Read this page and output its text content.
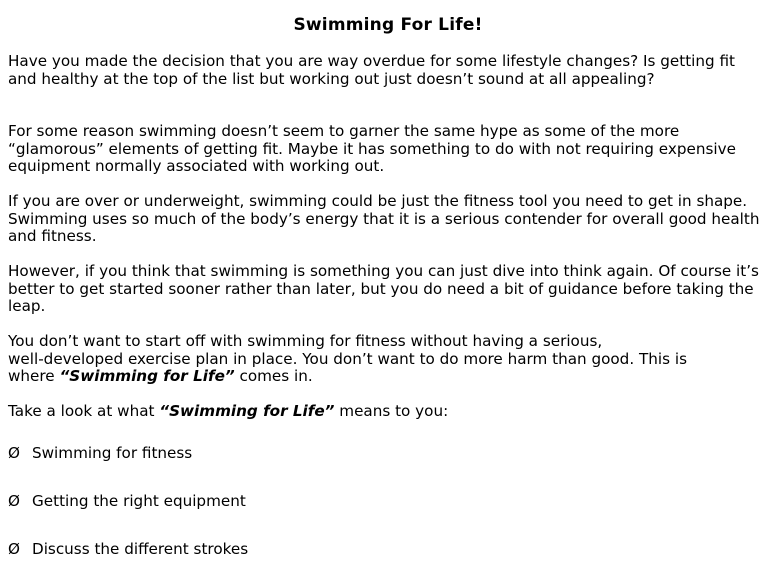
Swimming For Life!

Have you made the decision that you are way overdue for some lifestyle changes? Is getting fit and healthy at the top of the list but working out just doesn’t sound at all appealing?

For some reason swimming doesn’t seem to garner the same hype as some of the more “glamorous” elements of getting fit. Maybe it has something to do with not requiring expensive equipment normally associated with working out.

If you are over or underweight, swimming could be just the fitness tool you need to get in shape. Swimming uses so much of the body’s energy that it is a serious contender for overall good health and fitness.

However, if you think that swimming is something you can just dive into think again. Of course it’s better to get started sooner rather than later, but you do need a bit of guidance before taking the leap.

You don’t want to start off with swimming for fitness without having a serious,
well-developed exercise plan in place. You don’t want to do more harm than good. This is
where “Swimming for Life” comes in.

Take a look at what “Swimming for Life” means to you:

Ø Swimming for fitness
Ø Getting the right equipment
Ø Discuss the different strokes
